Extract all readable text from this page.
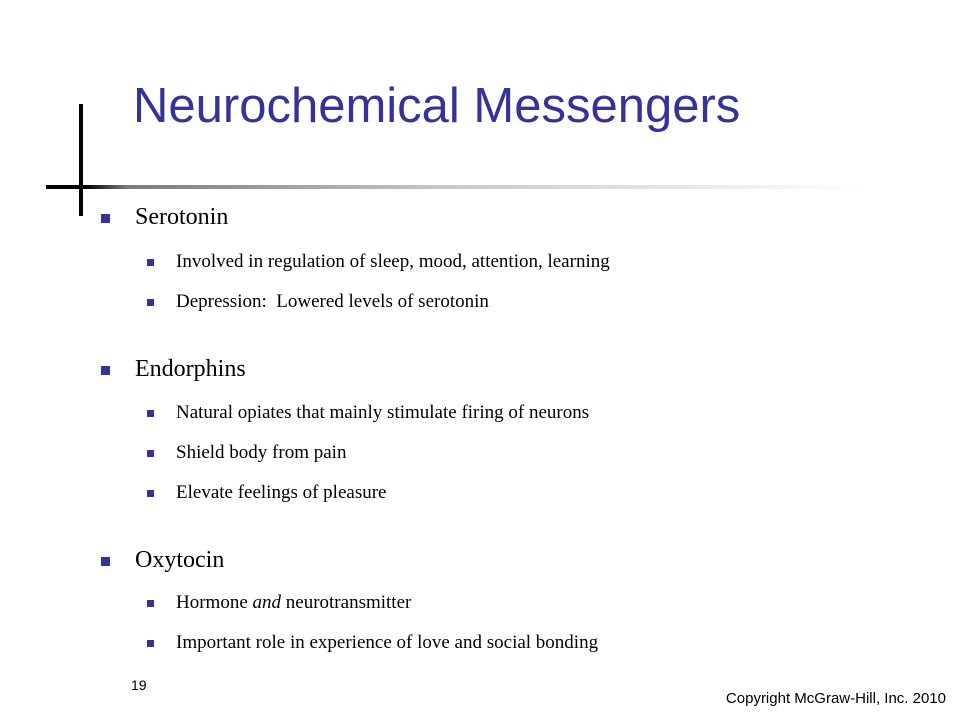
Neurochemical Messengers
Serotonin
Involved in regulation of sleep, mood, attention, learning
Depression:  Lowered levels of serotonin
Endorphins
Natural opiates that mainly stimulate firing of neurons
Shield body from pain
Elevate feelings of pleasure
Oxytocin
Hormone and neurotransmitter
Important role in experience of love and social bonding
19
Copyright McGraw-Hill, Inc. 2010
